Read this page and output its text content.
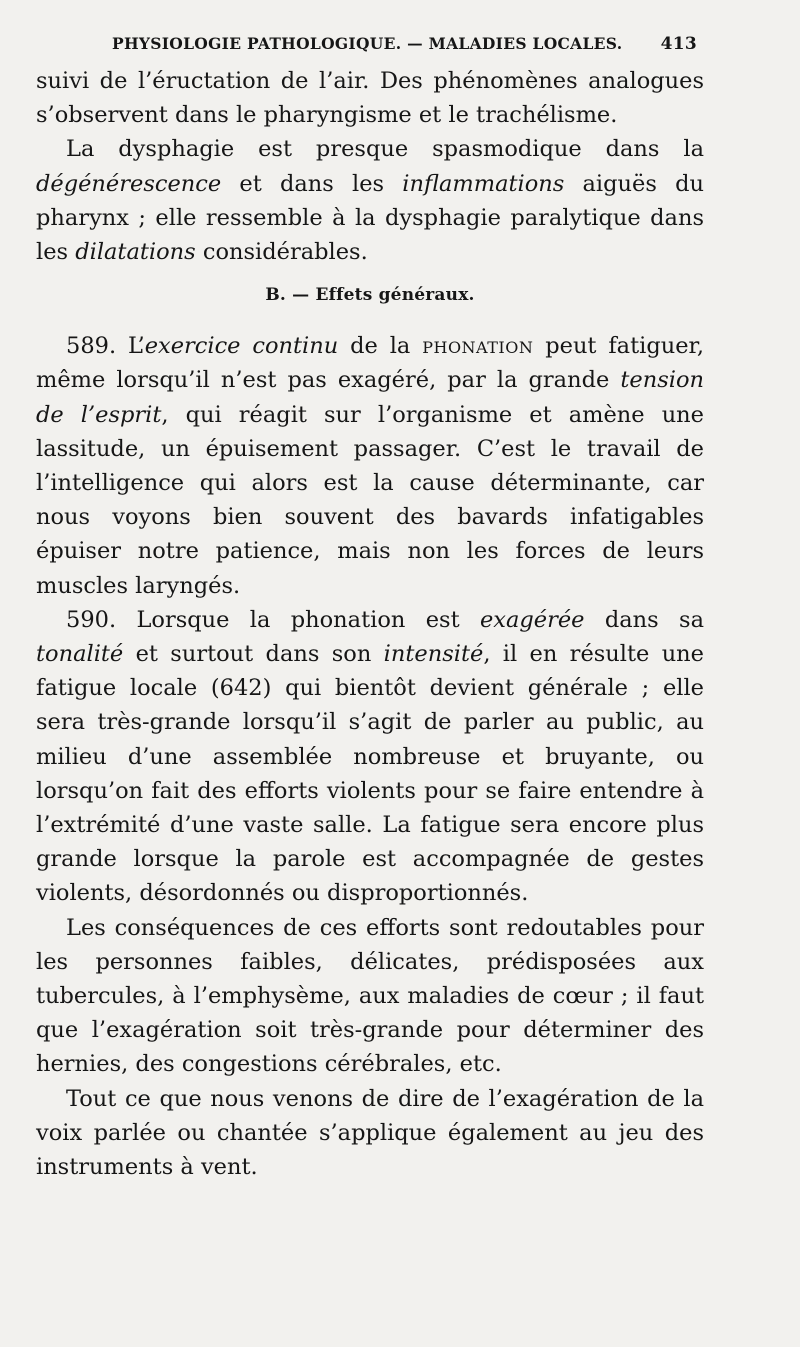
PHYSIOLOGIE PATHOLOGIQUE. — MALADIES LOCALES. 413

suivi de l’éructation de l’air. Des phénomènes analogues s’observent dans le pharyngisme et le trachélisme.

La dysphagie est presque spasmodique dans la dégénérescence et dans les inflammations aiguës du pharynx ; elle ressemble à la dysphagie paralytique dans les dilatations considérables.

B. — Effets généraux.

589. L’exercice continu de la phonation peut fatiguer, même lorsqu’il n’est pas exagéré, par la grande tension de l’esprit, qui réagit sur l’organisme et amène une lassitude, un épuisement passager. C’est le travail de l’intelligence qui alors est la cause déterminante, car nous voyons bien souvent des bavards infatigables épuiser notre patience, mais non les forces de leurs muscles laryngés.

590. Lorsque la phonation est exagérée dans sa tonalité et surtout dans son intensité, il en résulte une fatigue locale (642) qui bientôt devient générale ; elle sera très-grande lorsqu’il s’agit de parler au public, au milieu d’une assemblée nombreuse et bruyante, ou lorsqu’on fait des efforts violents pour se faire entendre à l’extrémité d’une vaste salle. La fatigue sera encore plus grande lorsque la parole est accompagnée de gestes violents, désordonnés ou disproportionnés.

Les conséquences de ces efforts sont redoutables pour les personnes faibles, délicates, prédisposées aux tubercules, à l’emphysème, aux maladies de cœur ; il faut que l’exagération soit très-grande pour déterminer des hernies, des congestions cérébrales, etc.

Tout ce que nous venons de dire de l’exagération de la voix parlée ou chantée s’applique également au jeu des instruments à vent.
